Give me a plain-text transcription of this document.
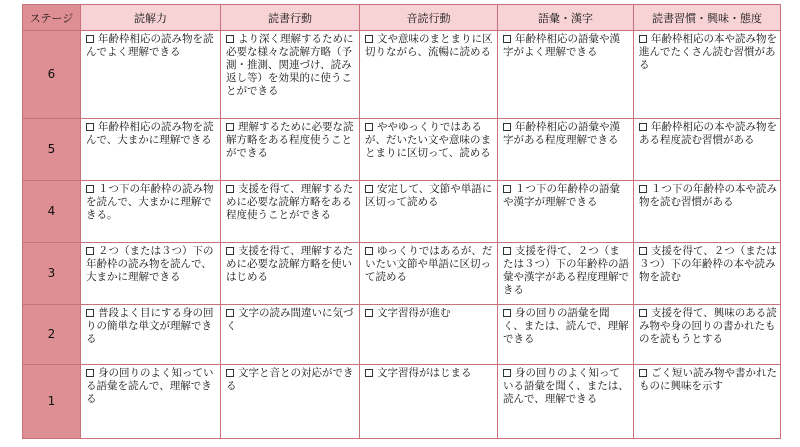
ステージ	読解力	読書行動	音読行動	語彙・漢字	読書習慣・興味・態度
6	年齢枠相応の読み物を読んでよく理解できる	より深く理解するために必要な様々な読解方略（予測・推測、関連づけ、読み返し等）を効果的に使うことができる	文や意味のまとまりに区切りながら、流暢に読める	年齢枠相応の語彙や漢字がよく理解できる	年齢枠相応の本や読み物を進んでたくさん読む習慣がある
5	年齢枠相応の読み物を読んで、大まかに理解できる	理解するために必要な読解方略をある程度使うことができる	ややゆっくりではあるが、だいたい文や意味のまとまりに区切って、読める	年齢枠相応の語彙や漢字がある程度理解できる	年齢枠相応の本や読み物をある程度読む習慣がある
4	１つ下の年齢枠の読み物を読んで、大まかに理解できる。	支援を得て、理解するために必要な読解方略をある程度使うことができる	安定して、文節や単語に区切って読める	１つ下の年齢枠の語彙や漢字が理解できる	１つ下の年齢枠の本や読み物を読む習慣がある
3	２つ（または３つ）下の年齢枠の読み物を読んで、大まかに理解できる	支援を得て、理解するために必要な読解方略を使いはじめる	ゆっくりではあるが、だいたい文節や単語に区切って読める	支援を得て、２つ（または３つ）下の年齢枠の語彙や漢字がある程度理解できる	支援を得て、２つ（または３つ）下の年齢枠の本や読み物を読む
2	普段よく目にする身の回りの簡単な単文が理解できる	文字の読み間違いに気づく	文字習得が進む	身の回りの語彙を聞く、または、読んで、理解できる	支援を得て、興味のある読み物や身の回りの書かれたものを読もうとする
1	身の回りのよく知っている語彙を読んで、理解できる	文字と音との対応ができる	文字習得がはじまる	身の回りのよく知っている語彙を聞く、または、読んで、理解できる	ごく短い読み物や書かれたものに興味を示す
